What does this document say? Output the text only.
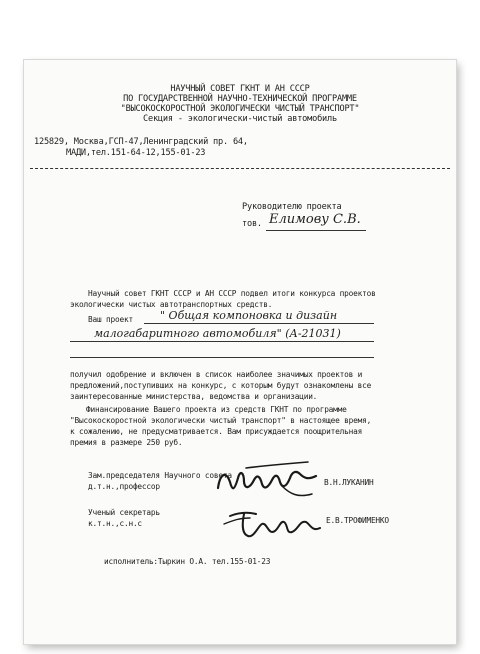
НАУЧНЫЙ СОВЕТ ГКНТ И АН СССР
ПО ГОСУДАРСТВЕННОЙ НАУЧНО-ТЕХНИЧЕСКОЙ ПРОГРАММЕ
"ВЫСОКОСКОРОСТНОЙ ЭКОЛОГИЧЕСКИ ЧИСТЫЙ ТРАНСПОРТ"
Секция - экологически-чистый автомобиль
125829, Москва,ГСП-47,Ленинградский пр. 64,
МАДИ,тел.151-64-12,155-01-23
Руководителю проекта
тов. Елимову С.В.
Научный совет ГКНТ СССР и АН СССР подвел итоги конкурса проектов
экологически чистых автотранспортных средств.
Ваш проект " Общая компоновка и дизайн
малогабаритного автомобиля" (А-21031)
получил одобрение и включен в список наиболее значимых проектов и
предложений,поступивших на конкурс, с которым будут ознакомлены все
заинтересованные министерства, ведомства и организации.
Финансирование Вашего проекта из средств ГКНТ по программе
"Высокоскоростной экологически чистый транспорт" в настоящее время,
к сожалению, не предусматривается. Вам присуждается поощрительная
премия в размере 250 руб.
Зам.председателя Научного совета
д.т.н.,профессор	В.Н.ЛУКАНИН
Ученый секретарь
к.т.н.,с.н.с	Е.В.ТРОФИМЕНКО
исполнитель:Тыркин О.А. тел.155-01-23
